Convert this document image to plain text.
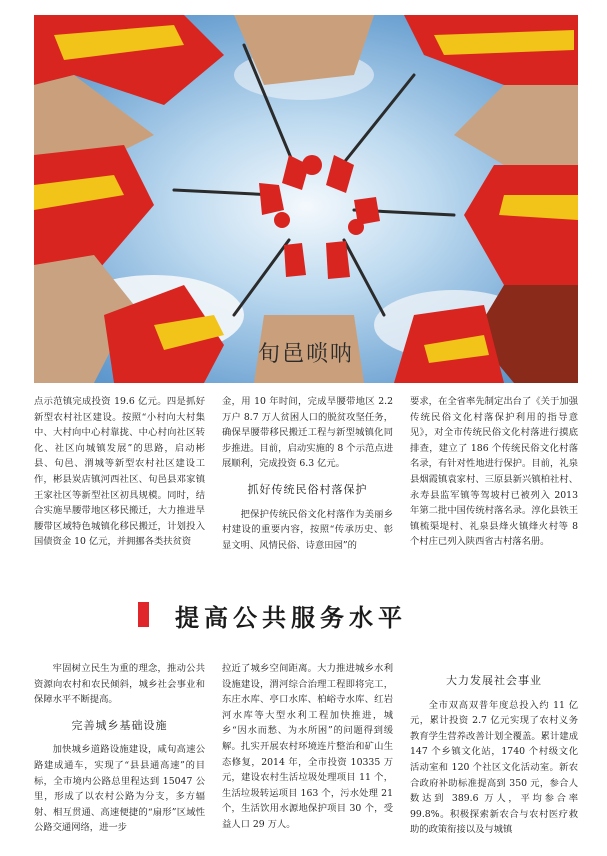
旬邑唢呐

点示范镇完成投资 19.6 亿元。四是抓好新型农村社区建设。按照“小村向大村集中、大村向中心村靠拢、中心村向社区转化、社区向城镇发展”的思路，启动彬县、旬邑、渭城等新型农村社区建设工作，彬县炭店镇河西社区、旬邑县邓家镇王家社区等新型社区初具规模。同时，结合实施旱腰带地区移民搬迁，大力推进旱腰带区域特色城镇化移民搬迁，计划投入国债资金 10 亿元，并拥挪各类扶贫资

金，用 10 年时间，完成旱腰带地区 2.2 万户 8.7 万人贫困人口的脱贫攻坚任务，确保旱腰带移民搬迁工程与新型城镇化同步推进。目前，启动实施的 8 个示范点进展顺利，完成投资 6.3 亿元。

抓好传统民俗村落保护

把保护传统民俗文化村落作为美丽乡村建设的重要内容，按照“传承历史、彰显文明、风情民俗、诗意田园”的

要求，在全省率先制定出台了《关于加强传统民俗文化村落保护利用的指导意见》，对全市传统民俗文化村落进行摸底排查，建立了 186 个传统民俗文化村落名录，有针对性地进行保护。目前，礼泉县烟霞镇袁家村、三原县新兴镇柏社村、永寿县监军镇等驾坡村已被列入 2013 年第二批中国传统村落名录。淳化县铁王镇梳渠堤村、礼泉县烽火镇烽火村等 8 个村庄已列入陕西省古村落名册。

提高公共服务水平

牢固树立民生为重的理念，推动公共资源向农村和农民倾斜，城乡社会事业和保障水平不断提高。

完善城乡基础设施

加快城乡道路设施建设，咸旬高速公路建成通车，实现了“县县通高速”的目标，全市境内公路总里程达到 15047 公里，形成了以农村公路为分支，多方辐射、相互贯通、高速便捷的“扇形”区域性公路交通网络，进一步

拉近了城乡空间距离。大力推进城乡水利设施建设，渭河综合治理工程即将完工，东庄水库、亭口水库、柏峪寺水库、红岩河水库等大型水利工程加快推进，城乡“因水而愁、为水所困”的问题得到缓解。扎实开展农村环境连片整治和矿山生态修复，2014 年，全市投资 10335 万元，建设农村生活垃圾处理项目 11 个，生活垃圾转运项目 163 个，污水处理 21 个，生活饮用水源地保护项目 30 个，受益人口 29 万人。

大力发展社会事业

全市双高双普年度总投入约 11 亿元，累计投资 2.7 亿元实现了农村义务教育学生营养改善计划全覆盖。累计建成 147 个乡镇文化站，1740 个村级文化活动室和 120 个社区文化活动室。新农合政府补助标准提高到 350 元，参合人数达到 389.6 万人，平均参合率 99.8%。积极探索新农合与农村医疗救助的政策衔接以及与城镇
